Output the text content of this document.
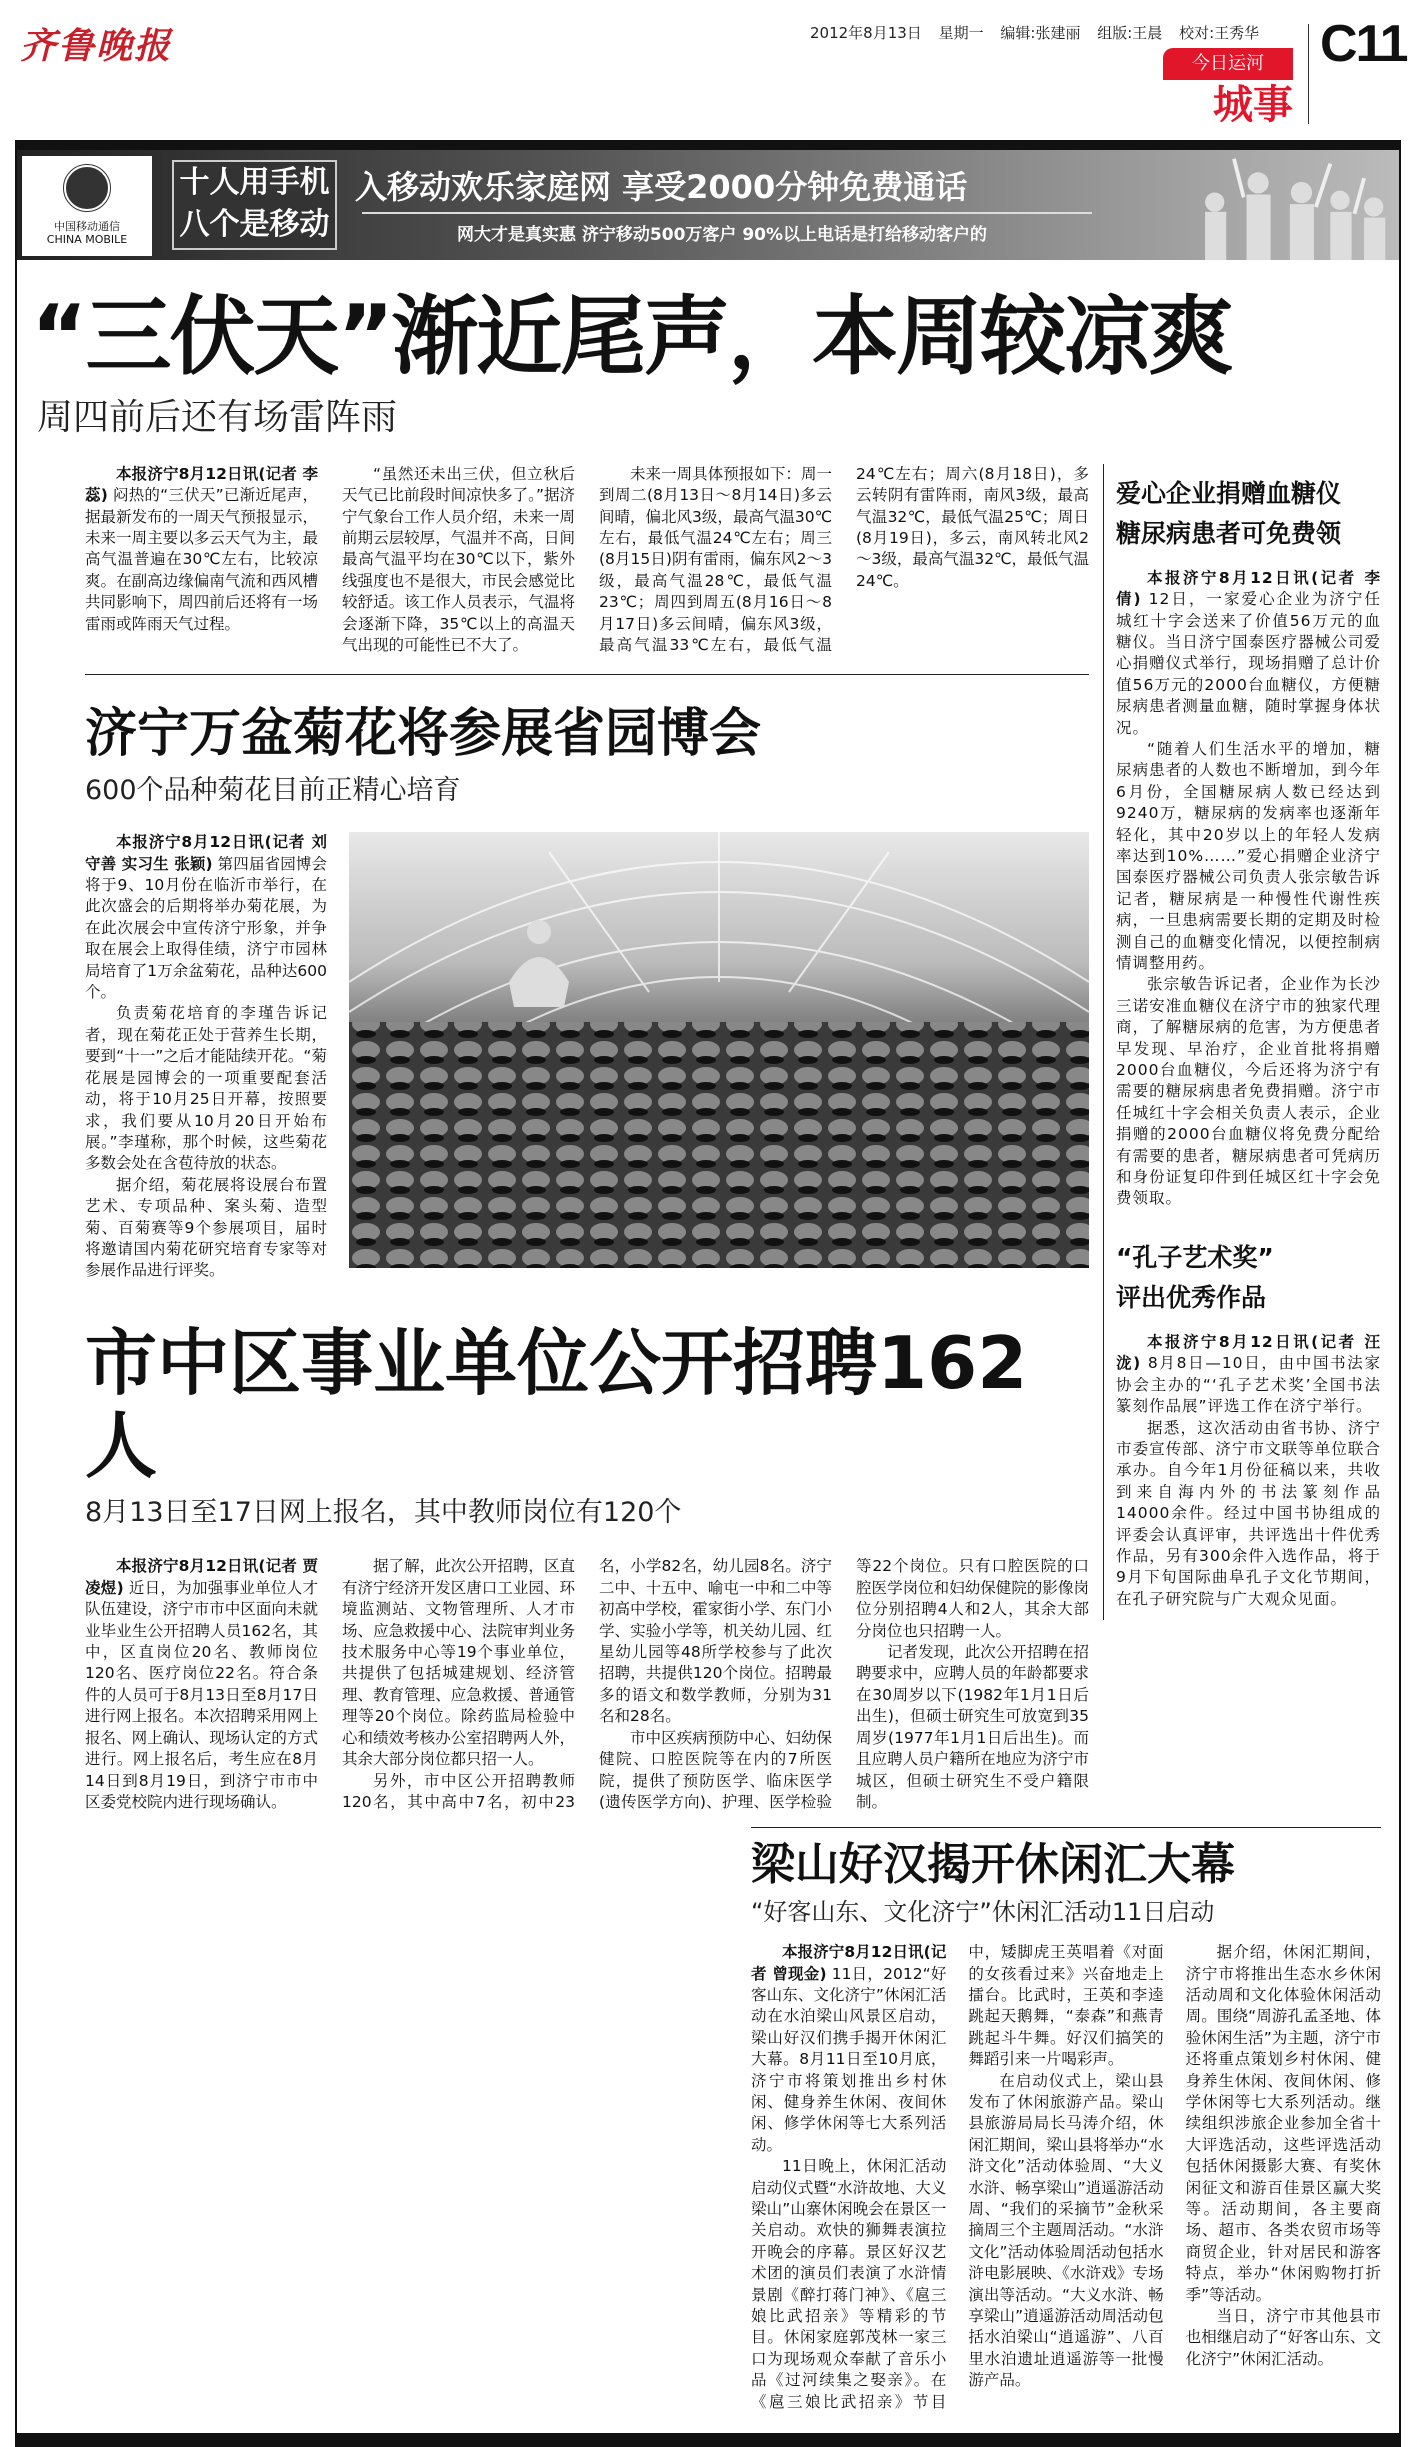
齐鲁晚报	2012年8月13日 星期一 编辑:张建丽 组版:王晨 校对:王秀华
今日运河
城事
C11
中国移动通信
CHINA MOBILE
十人用手机
八个是移动
入移动欢乐家庭网 享受2000分钟免费通话
网大才是真实惠 济宁移动500万客户 90%以上电话是打给移动客户的
“三伏天”渐近尾声，本周较凉爽
周四前后还有场雷阵雨

本报济宁8月12日讯(记者 李蕊) 闷热的“三伏天”已渐近尾声，据最新发布的一周天气预报显示，未来一周主要以多云天气为主，最高气温普遍在30℃左右，比较凉爽。在副高边缘偏南气流和西风槽共同影响下，周四前后还将有一场雷雨或阵雨天气过程。

“虽然还未出三伏，但立秋后天气已比前段时间凉快多了。”据济宁气象台工作人员介绍，未来一周前期云层较厚，气温并不高，日间最高气温平均在30℃以下，紫外线强度也不是很大，市民会感觉比较舒适。该工作人员表示，气温将会逐渐下降，35℃以上的高温天气出现的可能性已不大了。

未来一周具体预报如下：周一到周二(8月13日～8月14日)多云间晴，偏北风3级，最高气温30℃左右，最低气温24℃左右；周三(8月15日)阴有雷雨，偏东风2～3级，最高气温28℃，最低气温23℃；周四到周五(8月16日～8月17日)多云间晴，偏东风3级，最高气温33℃左右，最低气温24℃左右；周六(8月18日)，多云转阴有雷阵雨，南风3级，最高气温32℃，最低气温25℃；周日(8月19日)，多云，南风转北风2～3级，最高气温32℃，最低气温24℃。

济宁万盆菊花将参展省园博会
600个品种菊花目前正精心培育

本报济宁8月12日讯(记者 刘守善 实习生 张颖) 第四届省园博会将于9、10月份在临沂市举行，在此次盛会的后期将举办菊花展，为在此次展会中宣传济宁形象，并争取在展会上取得佳绩，济宁市园林局培育了1万余盆菊花，品种达600个。

负责菊花培育的李瑾告诉记者，现在菊花正处于营养生长期，要到“十一”之后才能陆续开花。“菊花展是园博会的一项重要配套活动，将于10月25日开幕，按照要求，我们要从10月20日开始布展。”李瑾称，那个时候，这些菊花多数会处在含苞待放的状态。

据介绍，菊花展将设展台布置艺术、专项品种、案头菊、造型菊、百菊赛等9个参展项目，届时将邀请国内菊花研究培育专家等对参展作品进行评奖。

市中区事业单位公开招聘162人
8月13日至17日网上报名，其中教师岗位有120个

本报济宁8月12日讯(记者 贾凌煜) 近日，为加强事业单位人才队伍建设，济宁市市中区面向未就业毕业生公开招聘人员162名，其中，区直岗位20名、教师岗位120名、医疗岗位22名。符合条件的人员可于8月13日至8月17日进行网上报名。本次招聘采用网上报名、网上确认、现场认定的方式进行。网上报名后，考生应在8月14日到8月19日，到济宁市市中区委党校院内进行现场确认。

据了解，此次公开招聘，区直有济宁经济开发区唐口工业园、环境监测站、文物管理所、人才市场、应急救援中心、法院审判业务技术服务中心等19个事业单位，共提供了包括城建规划、经济管理、教育管理、应急救援、普通管理等20个岗位。除药监局检验中心和绩效考核办公室招聘两人外，其余大部分岗位都只招一人。

另外，市中区公开招聘教师120名，其中高中7名，初中23名，小学82名，幼儿园8名。济宁二中、十五中、喻屯一中和二中等初高中学校，霍家街小学、东门小学、实验小学等，机关幼儿园、红星幼儿园等48所学校参与了此次招聘，共提供120个岗位。招聘最多的语文和数学教师，分别为31名和28名。

市中区疾病预防中心、妇幼保健院、口腔医院等在内的7所医院，提供了预防医学、临床医学(遗传医学方向)、护理、医学检验等22个岗位。只有口腔医院的口腔医学岗位和妇幼保健院的影像岗位分别招聘4人和2人，其余大部分岗位也只招聘一人。

记者发现，此次公开招聘在招聘要求中，应聘人员的年龄都要求在30周岁以下(1982年1月1日后出生)，但硕士研究生可放宽到35周岁(1977年1月1日后出生)。而且应聘人员户籍所在地应为济宁市城区，但硕士研究生不受户籍限制。

爱心企业捐赠血糖仪
糖尿病患者可免费领

本报济宁8月12日讯(记者 李倩) 12日，一家爱心企业为济宁任城红十字会送来了价值56万元的血糖仪。当日济宁国泰医疗器械公司爱心捐赠仪式举行，现场捐赠了总计价值56万元的2000台血糖仪，方便糖尿病患者测量血糖，随时掌握身体状况。

“随着人们生活水平的增加，糖尿病患者的人数也不断增加，到今年6月份，全国糖尿病人数已经达到9240万，糖尿病的发病率也逐渐年轻化，其中20岁以上的年轻人发病率达到10%……”爱心捐赠企业济宁国泰医疗器械公司负责人张宗敏告诉记者，糖尿病是一种慢性代谢性疾病，一旦患病需要长期的定期及时检测自己的血糖变化情况，以便控制病情调整用药。

张宗敏告诉记者，企业作为长沙三诺安准血糖仪在济宁市的独家代理商，了解糖尿病的危害，为方便患者早发现、早治疗，企业首批将捐赠2000台血糖仪，今后还将为济宁有需要的糖尿病患者免费捐赠。济宁市任城红十字会相关负责人表示，企业捐赠的2000台血糖仪将免费分配给有需要的患者，糖尿病患者可凭病历和身份证复印件到任城区红十字会免费领取。

“孔子艺术奖”
评出优秀作品

本报济宁8月12日讯(记者 汪泷) 8月8日—10日，由中国书法家协会主办的“‘孔子艺术奖’全国书法篆刻作品展”评选工作在济宁举行。

据悉，这次活动由省书协、济宁市委宣传部、济宁市文联等单位联合承办。自今年1月份征稿以来，共收到来自海内外的书法篆刻作品14000余件。经过中国书协组成的评委会认真评审，共评选出十件优秀作品，另有300余件入选作品，将于9月下旬国际曲阜孔子文化节期间，在孔子研究院与广大观众见面。

梁山好汉揭开休闲汇大幕
“好客山东、文化济宁”休闲汇活动11日启动

本报济宁8月12日讯(记者 曾现金) 11日，2012“好客山东、文化济宁”休闲汇活动在水泊梁山风景区启动，梁山好汉们携手揭开休闲汇大幕。8月11日至10月底，济宁市将策划推出乡村休闲、健身养生休闲、夜间休闲、修学休闲等七大系列活动。

11日晚上，休闲汇活动启动仪式暨“水浒故地、大义梁山”山寨休闲晚会在景区一关启动。欢快的狮舞表演拉开晚会的序幕。景区好汉艺术团的演员们表演了水浒情景剧《醉打蒋门神》、《扈三娘比武招亲》等精彩的节目。休闲家庭郭茂林一家三口为现场观众奉献了音乐小品《过河续集之娶亲》。在《扈三娘比武招亲》节目中，矮脚虎王英唱着《对面的女孩看过来》兴奋地走上擂台。比武时，王英和李逵跳起天鹅舞，“泰森”和燕青跳起斗牛舞。好汉们搞笑的舞蹈引来一片喝彩声。

在启动仪式上，梁山县发布了休闲旅游产品。梁山县旅游局局长马涛介绍，休闲汇期间，梁山县将举办“水浒文化”活动体验周、“大义水浒、畅享梁山”逍遥游活动周、“我们的采摘节”金秋采摘周三个主题周活动。“水浒文化”活动体验周活动包括水浒电影展映、《水浒戏》专场演出等活动。“大义水浒、畅享梁山”逍遥游活动周活动包括水泊梁山“逍遥游”、八百里水泊遗址逍遥游等一批慢游产品。

据介绍，休闲汇期间，济宁市将推出生态水乡休闲活动周和文化体验休闲活动周。围绕“周游孔孟圣地、体验休闲生活”为主题，济宁市还将重点策划乡村休闲、健身养生休闲、夜间休闲、修学休闲等七大系列活动。继续组织涉旅企业参加全省十大评选活动，这些评选活动包括休闲摄影大赛、有奖休闲征文和游百佳景区赢大奖等。活动期间，各主要商场、超市、各类农贸市场等商贸企业，针对居民和游客特点，举办“休闲购物打折季”等活动。

当日，济宁市其他县市也相继启动了“好客山东、文化济宁”休闲汇活动。
